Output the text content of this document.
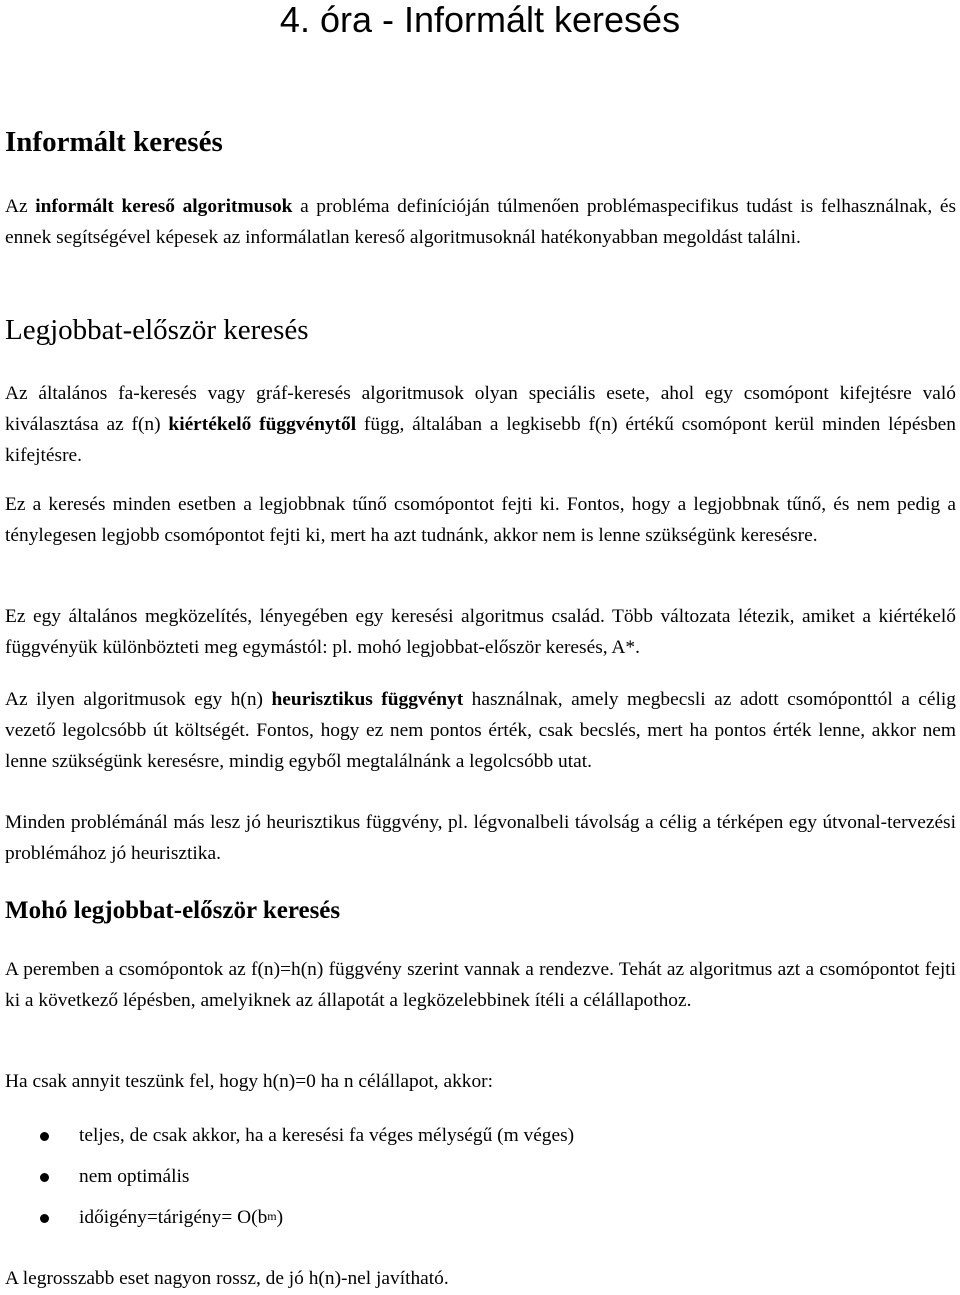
4. óra - Informált keresés
Informált keresés

Az informált kereső algoritmusok a probléma definícióján túlmenően problémaspecifikus tudást is felhasználnak, és ennek segítségével képesek az informálatlan kereső algoritmusoknál hatékonyabban megoldást találni.

Legjobbat-először keresés

Az általános fa-keresés vagy gráf-keresés algoritmusok olyan speciális esete, ahol egy csomópont kifejtésre való kiválasztása az f(n) kiértékelő függvénytől függ, általában a legkisebb f(n) értékű csomópont kerül minden lépésben kifejtésre.

Ez a keresés minden esetben a legjobbnak tűnő csomópontot fejti ki. Fontos, hogy a legjobbnak tűnő, és nem pedig a ténylegesen legjobb csomópontot fejti ki, mert ha azt tudnánk, akkor nem is lenne szükségünk keresésre.

Ez egy általános megközelítés, lényegében egy keresési algoritmus család. Több változata létezik, amiket a kiértékelő függvényük különbözteti meg egymástól: pl. mohó legjobbat-először keresés, A*.

Az ilyen algoritmusok egy h(n) heurisztikus függvényt használnak, amely megbecsli az adott csomóponttól a célig vezető legolcsóbb út költségét. Fontos, hogy ez nem pontos érték, csak becslés, mert ha pontos érték lenne, akkor nem lenne szükségünk keresésre, mindig egyből megtalálnánk a legolcsóbb utat.

Minden problémánál más lesz jó heurisztikus függvény, pl. légvonalbeli távolság a célig a térképen egy útvonal-tervezési problémához jó heurisztika.

Mohó legjobbat-először keresés

A peremben a csomópontok az f(n)=h(n) függvény szerint vannak a rendezve. Tehát az algoritmus azt a csomópontot fejti ki a következő lépésben, amelyiknek az állapotát a legközelebbinek ítéli a célállapothoz.

Ha csak annyit teszünk fel, hogy h(n)=0 ha n célállapot, akkor:

teljes, de csak akkor, ha a keresési fa véges mélységű (m véges)
nem optimális
időigény=tárigény= $O(b^m)$

A legrosszabb eset nagyon rossz, de jó h(n)-nel javítható.
